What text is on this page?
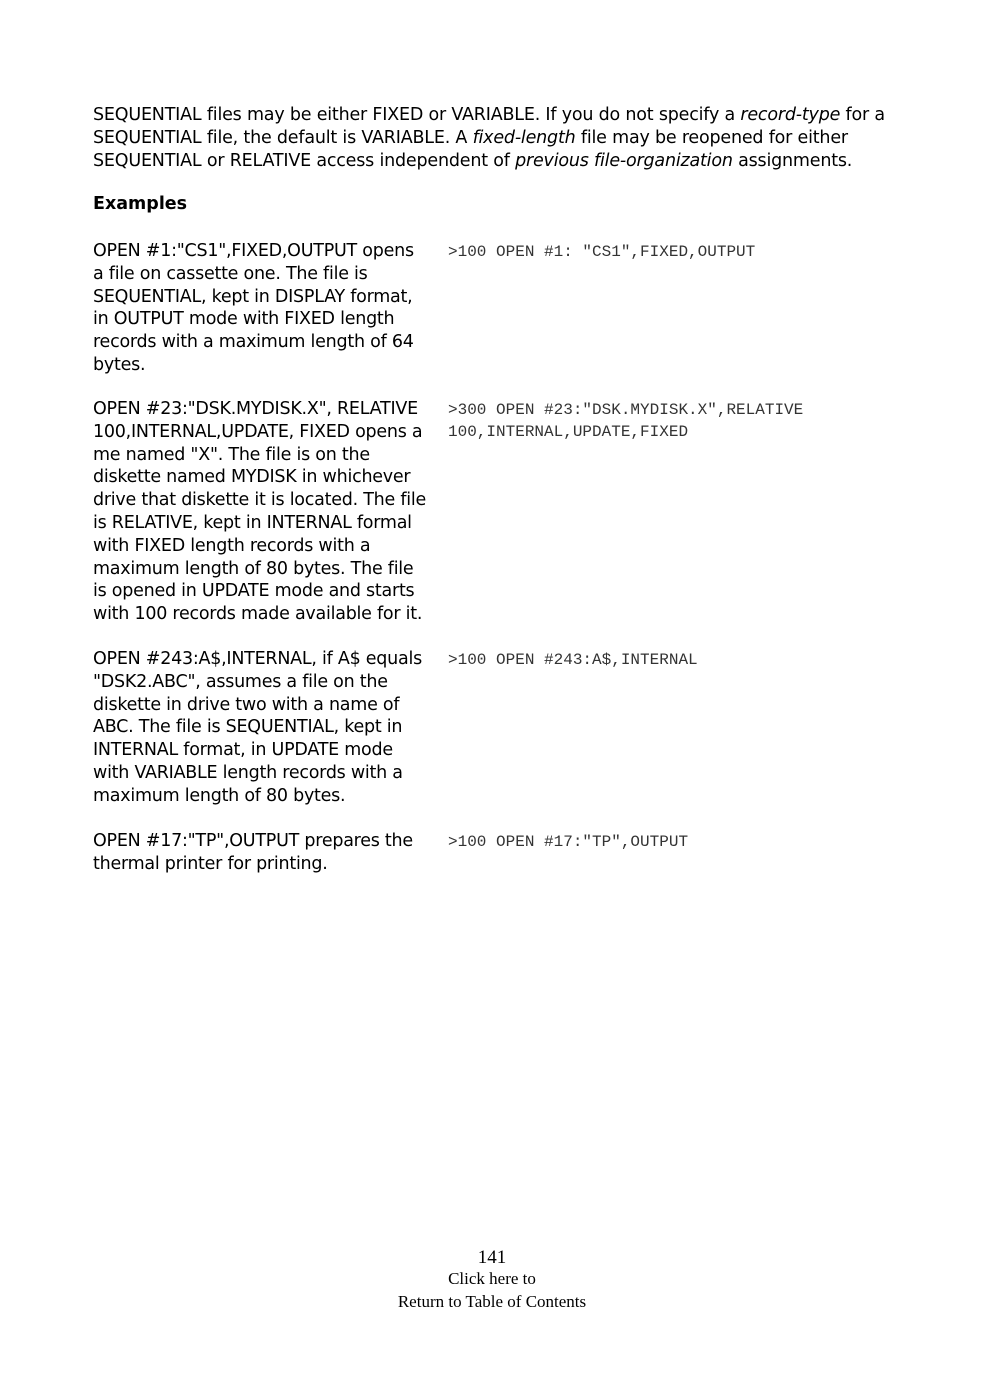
SEQUENTIAL files may be either FIXED or VARIABLE. If you do not specify a record-type for a SEQUENTIAL file, the default is VARIABLE. A fixed-length file may be reopened for either SEQUENTIAL or RELATIVE access independent of previous file-organization assignments.

Examples

OPEN #1:"CS1",FIXED,OUTPUT opens a file on cassette one. The file is SEQUENTIAL, kept in DISPLAY format, in OUTPUT mode with FIXED length records with a maximum length of 64 bytes.

>100 OPEN #1: "CS1",FIXED,OUTPUT

OPEN #23:"DSK.MYDISK.X", RELATIVE 100,INTERNAL,UPDATE, FIXED opens a me named "X". The file is on the diskette named MYDISK in whichever drive that diskette it is located. The file is RELATIVE, kept in INTERNAL formal with FIXED length records with a maximum length of 80 bytes. The file is opened in UPDATE mode and starts with 100 records made available for it.

>300 OPEN #23:"DSK.MYDISK.X",RELATIVE
100,INTERNAL,UPDATE,FIXED

OPEN #243:A$,INTERNAL, if A$ equals "DSK2.ABC", assumes a file on the diskette in drive two with a name of ABC. The file is SEQUENTIAL, kept in INTERNAL format, in UPDATE mode with VARIABLE length records with a maximum length of 80 bytes.

>100 OPEN #243:A$,INTERNAL

OPEN #17:"TP",OUTPUT prepares the thermal printer for printing.

>100 OPEN #17:"TP",OUTPUT

141

Click here to

Return to Table of Contents
